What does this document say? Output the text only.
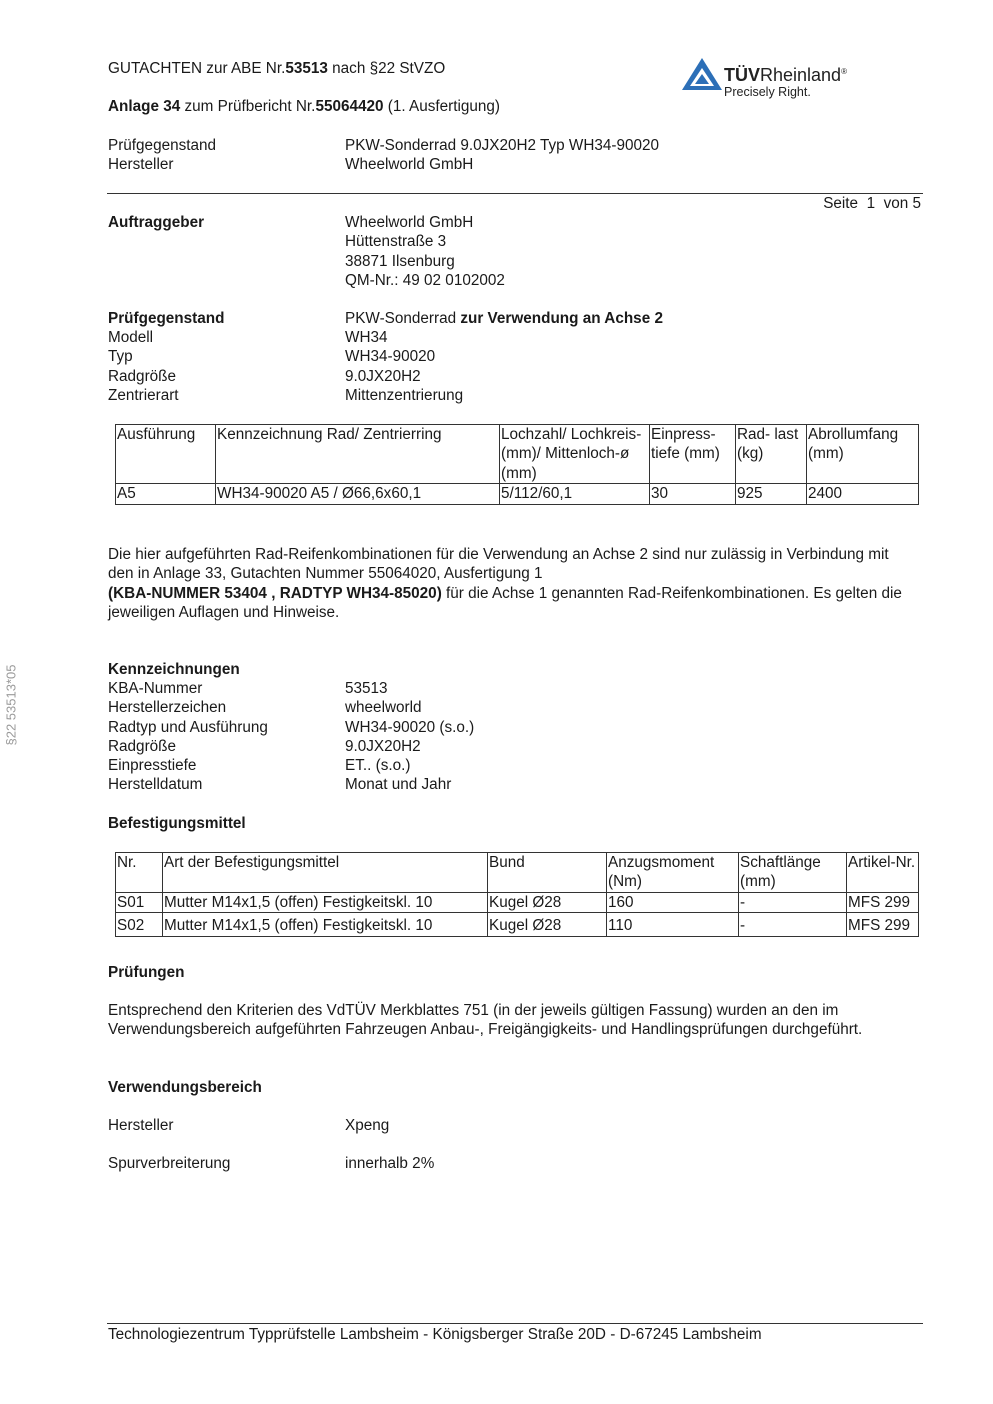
GUTACHTEN zur ABE Nr.53513 nach §22 StVZO
Anlage 34 zum Prüfbericht Nr.55064420 (1. Ausfertigung)
TÜVRheinland®
Precisely Right.
Prüfgegenstand	PKW-Sonderrad 9.0JX20H2 Typ WH34-90020
Hersteller	Wheelworld GmbH
Seite  1  von 5
Auftraggeber	Wheelworld GmbH
Hüttenstraße 3
38871 Ilsenburg
QM-Nr.: 49 02 0102002
Prüfgegenstand	PKW-Sonderrad zur Verwendung an Achse 2
Modell	WH34
Typ	WH34-90020
Radgröße	9.0JX20H2
Zentrierart	Mittenzentrierung
Ausführung	Kennzeichnung Rad/ Zentrierring	Lochzahl/ Lochkreis- (mm)/ Mittenloch-ø (mm)	Einpress- tiefe (mm)	Rad- last (kg)	Abrollumfang (mm)
A5	WH34-90020 A5 / Ø66,6x60,1	5/112/60,1	30	925	2400
Die hier aufgeführten Rad-Reifenkombinationen für die Verwendung an Achse 2 sind nur zulässig in Verbindung mit den in Anlage 33, Gutachten Nummer 55064020, Ausfertigung 1
(KBA-NUMMER 53404 , RADTYP WH34-85020) für die Achse 1 genannten Rad-Reifenkombinationen. Es gelten die jeweiligen Auflagen und Hinweise.
§22 53513*05	Kennzeichnungen
KBA-Nummer	53513
Herstellerzeichen	wheelworld
Radtyp und Ausführung	WH34-90020 (s.o.)
Radgröße	9.0JX20H2
Einpresstiefe	ET.. (s.o.)
Herstelldatum	Monat und Jahr
Befestigungsmittel
Nr.	Art der Befestigungsmittel	Bund	Anzugsmoment (Nm)	Schaftlänge (mm)	Artikel-Nr.
S01	Mutter M14x1,5 (offen) Festigkeitskl. 10	Kugel Ø28	160	-	MFS 299
S02	Mutter M14x1,5 (offen) Festigkeitskl. 10	Kugel Ø28	110	-	MFS 299
Prüfungen
Entsprechend den Kriterien des VdTÜV Merkblattes 751 (in der jeweils gültigen Fassung) wurden an den im Verwendungsbereich aufgeführten Fahrzeugen Anbau-, Freigängigkeits- und Handlingsprüfungen durchgeführt.
Verwendungsbereich
Hersteller	Xpeng
Spurverbreiterung	innerhalb 2%
Technologiezentrum Typprüfstelle Lambsheim - Königsberger Straße 20D - D-67245 Lambsheim
